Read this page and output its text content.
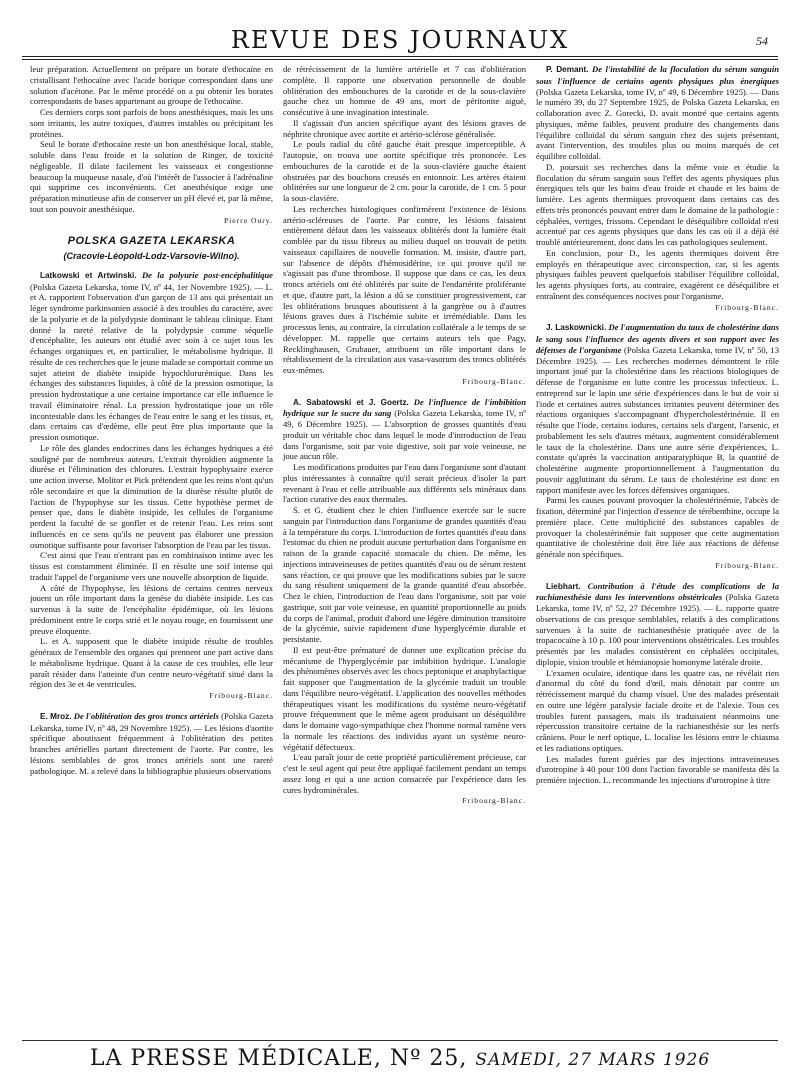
REVUE DES JOURNAUX	54

leur préparation. Actuellement on prépare un borate d'ethocaïne en cristallisant l'ethocaïne avec l'acide borique correspondant dans une solution d'acétone. Par le même procédé on a pu obtenir les borates correspondants de bases appartenant au groupe de l'ethocaïne.

Ces derniers corps sont parfois de bons anesthésiques, mais les uns sont irritants, les autre toxiques, d'autres instables ou précipitant les protéines.

Seul le borate d'ethocaïne reste un bon anesthésique local, stable, soluble dans l'eau froide et la solution de Ringer, de toxicité négligeable. Il dilate facilement les vaisseaux et congestionne beaucoup la muqueuse nasale, d'où l'intérêt de l'associer à l'adrénaline qui supprime ces inconvénients. Cet anesthésique exige une préparation minutieuse afin de conserver un pH élevé et, par là même, tout son pouvoir anesthésique.

Pierre Oury.
POLSKA GAZETA LEKARSKA
(Cracovie-Léopold-Lodz-Varsovie-Wilno).

Latkowski et Artwinski. De la polyurie post-encéphalitique (Polska Gazeta Lekarska, tome IV, nº 44, 1er Novembre 1925). — L. et A. rapportent l'observation d'un garçon de 13 ans qui présentait un léger syndrome parkinsonien associé à des troubles du caractère, avec de la polyurie et de la polydypsie dominant le tableau clinique. Etant donné la rareté relative de la polydypsie comme séquelle d'encéphalite, les auteurs ont étudié avec soin à ce sujet tous les échanges organiques et, en particulier, le métabolisme hydrique. Il résulte de ces recherches que le jeune malade se comportait comme un sujet atteint de diabète insipide hypochlorurémique. Dans les échanges des substances liquides, à côté de la pression osmotique, la pression hydrostatique a une certaine importance car elle influence le travail éliminatoire rénal. La pression hydrostatique joue un rôle incontestable dans les échanges de l'eau entre le sang et les tissus, et, dans certains cas d'œdème, elle peut être plus importante que la pression osmotique.

Le rôle des glandes endocrines dans les échanges hydriques a été souligné par de nombreux auteurs. L'extrait thyroïdien augmente la diurèse et l'élimination des chlorures. L'extrait hypophysaire exerce une action inverse. Molitor et Pick prétendent que les reins n'ont qu'un rôle secondaire et que la diminution de la diurèse résulte plutôt de l'action de l'hypophyse sur les tissus. Cette hypothèse permet de penser que, dans le diabète insipide, les cellules de l'organisme perdent la faculté de se gonfler et de retenir l'eau. Les reins sont influencés en ce sens qu'ils ne peuvent pas élaborer une pression osmotique suffisante pour favoriser l'absorption de l'eau par les tissus.

C'est ainsi que l'eau n'entrant pas en combinaison intime avec les tissus est constamment éliminée. Il en résulte une soif intense qui traduit l'appel de l'organisme vers une nouvelle absorption de liquide.

A côté de l'hypophyse, les lésions de certains centres nerveux jouent un rôle important dans la genèse du diabète insipide. Les cas survenus à la suite de l'encéphalite épidémique, où les lésions prédominent entre le corps strié et le noyau rouge, en fournissent une preuve éloquente.

L. et A. supposent que le diabète insipide résulte de troubles généraux de l'ensemble des organes qui prennent une part active dans le métabolisme hydrique. Quant à la cause de ces troubles, elle leur paraît résider dans l'atteinte d'un centre neuro-végétatif situé dans la région des 3e et 4e ventricules.

Fribourg-Blanc.

E. Mroz. De l'oblitération des gros troncs artériels (Polska Gazeta Lekarska, tome IV, nº 48, 29 Novembre 1925). — Les lésions d'aortite spécifique aboutissent fréquemment à l'oblitération des petites branches artérielles partant directement de l'aorte. Par contre, les lésions semblables de gros troncs artériels sont une rareté pathologique. M. a relevé dans la bibliographie plusieurs observations

de rétrécissement de la lumière artérielle et 7 cas d'oblitération complète. Il rapporte une observation personnelle de double oblitération des embouchures de la carotide et de la sous-clavière gauche chez un homme de 49 ans, mort de péritonite aiguë, consécutive à une invagination intestinale.

Il s'agissait d'un ancien spécifique ayant des lésions graves de néphrite chronique avec aortite et artério-sclérose généralisée.

Le pouls radial du côté gauche était presque imperceptible. A l'autopsie, on trouva une aortite spécifique très prononcée. Les embouchures de la carotide et de la sous-clavière gauche étaient obstruées par des bouchons creusés en entonnoir. Les artères étaient oblitérées sur une longueur de 2 cm. pour la carotide, de 1 cm. 5 pour la sous-clavière.

Les recherches histologiques confirmèrent l'existence de lésions artério-scléreuses de l'aorte. Par contre, les lésions faisaient entièrement défaut dans les vaisseaux oblitérés dont la lumière était comblée par du tissu fibreux au milieu duquel on trouvait de petits vaisseaux capillaires de nouvelle formation. M. insiste, d'autre part, sur l'absence de dépôts d'hémosidérine, ce qui prouve qu'il ne s'agissait pas d'une thrombose. Il suppose que dans ce cas, les deux troncs artériels ont été oblitérés par suite de l'endartérite proliférante et que, d'autre part, la lésion a dû se constituer progressivement, car les oblitérations brusques aboutissent à la gangrène ou à d'autres lésions graves dues à l'ischémie subite et irrémédiable. Dans les processus lents, au contraire, la circulation collatérale a le temps de se développer. M. rappelle que certains auteurs tels que Pagy, Recklinghausen, Grubauer, attribuent un rôle important dans le rétablissement de la circulation aux vasa-vasorum des troncs oblitérés eux-mêmes.

Fribourg-Blanc.

A. Sabatowski et J. Goertz. De l'influence de l'imbibition hydrique sur le sucre du sang (Polska Gazeta Lekarska, tome IV, nº 49, 6 Décembre 1925). — L'absorption de grosses quantités d'eau produit un véritable choc dans lequel le mode d'introduction de l'eau dans l'organisme, soit par voie digestive, soit par voie veineuse, ne joue aucun rôle.

Les modifications produites par l'eau dans l'organisme sont d'autant plus intéressantes à connaître qu'il serait précieux d'isoler la part revenant à l'eau et celle attribuable aux différents sels minéraux dans l'action curative des eaux thermales.

S. et G. étudient chez le chien l'influence exercée sur le sucre sanguin par l'introduction dans l'organisme de grandes quantités d'eau à la température du corps. L'introduction de fortes quantités d'eau dans l'estomac du chien ne produit aucune perturbation dans l'organisme en raison de la grande capacité stomacale du chien. De même, les injections intraveineuses de petites quantités d'eau ou de sérum restent sans réaction, ce qui prouve que les modifications subies par le sucre du sang résultent uniquement de la grande quantité d'eau absorbée. Chez le chien, l'introduction de l'eau dans l'organisme, soit par voie gastrique, soit par voie veineuse, en quantité proportionnelle au poids du corps de l'animal, produit d'abord une légère diminution transitoire de la glycémie, suivie rapidement d'une hyperglycémie durable et persistante.

Il est peut-être prématuré de donner une explication précise du mécanisme de l'hyperglycémie par imbibition hydrique. L'analogie des phénomènes observés avec les chocs peptonique et anaphylactique fait supposer que l'augmentation de la glycémie traduit un trouble dans l'équilibre neuro-végétatif. L'application des nouvelles méthodes thérapeutiques visant les modifications du système neuro-végétatif prouve fréquemment que le même agent produisant un déséquilibre dans le domaine vago-sympathique chez l'homme normal ramène vers la normale les réactions des individus ayant un système neuro-végétatif défectueux.

L'eau paraît jouir de cette propriété particulièrement précieuse, car c'est le seul agent qui peut être appliqué facilement pendant un temps assez long et qui a une action consacrée par l'expérience dans les cures hydrominérales.

Fribourg-Blanc.

P. Demant. De l'instabilité de la floculation du sérum sanguin sous l'influence de certains agents physiques plus énergiques (Polska Gazeta Lekarska, tome IV, nº 49, 6 Décembre 1925). — Dans le numéro 39, du 27 Septembre 1925, de Polska Gazeta Lekarska, en collaboration avec Z. Gorecki, D. avait montré que certains agents physiques, même faibles, peuvent produire des changements dans l'équilibre colloïdal du sérum sanguin chez des sujets présentant, avant l'intervention, des troubles plus ou moins marqués de cet équilibre colloïdal.

D. poursuit ses recherches dans la même voie et étudie la floculation du sérum sanguin sous l'effet des agents physiques plus énergiques tels que les bains d'eau froide et chaude et les bains de lumière. Les agents thermiques provoquent dans certains cas des effets très prononcés pouvant entrer dans le domaine de la pathologie : céphalées, vertiges, frissons. Cependant le déséquilibre colloïdal n'est accentué par ces agents physiques que dans les cas où il a déjà été troublé antérieurement, donc dans les cas pathologiques seulement.

En conclusion, pour D., les agents thermiques doivent être employés en thérapeutique avec circonspection, car, si les agents physiques faibles peuvent quelquefois stabiliser l'équilibre colloïdal, les agents physiques forts, au contraire, exagèrent ce déséquilibre et entraînent des conséquences nocives pour l'organisme.

Fribourg-Blanc.

J. Laskownicki. De l'augmentation du taux de cholestérine dans le sang sous l'influence des agents divers et son rapport avec les défenses de l'organisme (Polska Gazeta Lekarska, tome IV, nº 50, 13 Décembre 1925). — Les recherches modernes démontrent le rôle important joué par la cholestérine dans les réactions biologiques de défense de l'organisme en lutte contre les processus infectieux. L. entreprend sur le lapin une série d'expériences dans le but de voir si l'iode et certaines autres substances irritantes peuvent déterminer des réactions organiques s'accompagnant d'hypercholestérinémie. Il en résulte que l'iode, certains iodures, certains sels d'argent, l'arsenic, et probablement les sels d'autres métaux, augmentent considérablement le taux de la cholestérine. Dans une autre série d'expériences, L. constate qu'après la vaccination antiparatyphique B, la quantité de cholestérine augmente proportionnellement à l'augmentation du pouvoir agglutinant du sérum. Le taux de cholestérine est donc en rapport manifeste avec les forces défensives organiques.

Parmi les causes pouvant provoquer la cholestérinémie, l'abcès de fixation, déterminé par l'injection d'essence de térébenthine, occupe la première place. Cette multiplicité des substances capables de provoquer la cholestérinémie fait supposer que cette augmentation quantitative de cholestérine doit être liée aux réactions de défense générale non spécifiques.

Fribourg-Blanc.

Liebhart. Contribution à l'étude des complications de la rachianesthésie dans les interventions obstétricales (Polska Gazeta Lekarska, tome IV, nº 52, 27 Décembre 1925). — L. rapporte quatre observations de cas presque semblables, relatifs à des complications survenues à la suite de rachianesthésie pratiquée avec de la tropacocaïne à 10 p. 100 pour interventions obstétricales. Les troubles présentés par les malades consistèrent en céphalées occipitales, diplopie, vision trouble et hémianopsie homonyme latérale droite.

L'examen oculaire, identique dans les quatre cas, ne révélait rien d'anormal du côté du fond d'œil, mais dénotait par contre un rétrécissement marqué du champ visuel. Une des malades présentait en outre une légère paralysie faciale droite et de l'alexie. Tous ces troubles furent passagers, mais ils traduisaient néanmoins une répercussion transitoire certaine de la rachianesthésie sur les nerfs crâniens. Pour le nerf optique, L. localise les lésions entre le chiasma et les radiations optiques.

Les malades furent guéries par des injections intraveineuses d'urotropine à 40 pour 100 dont l'action favorable se manifesta dès la première injection. L. recommande les injections d'urotropine à titre

LA PRESSE MÉDICALE, Nº 25, SAMEDI, 27 MARS 1926
